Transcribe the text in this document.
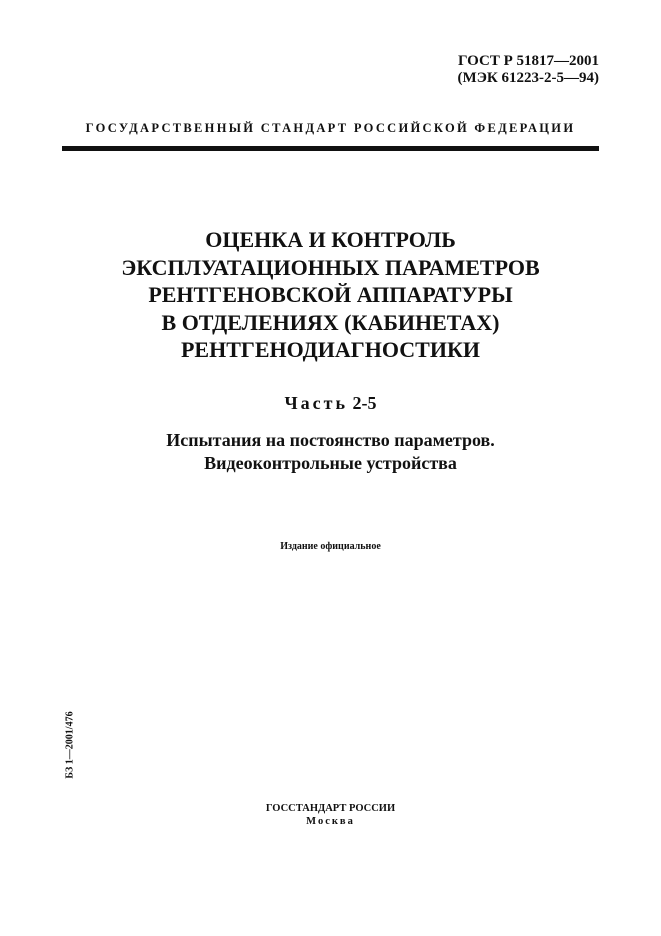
ГОСТ Р 51817—2001
(МЭК 61223-2-5—94)
ГОСУДАРСТВЕННЫЙ СТАНДАРТ РОССИЙСКОЙ ФЕДЕРАЦИИ
ОЦЕНКА И КОНТРОЛЬ
ЭКСПЛУАТАЦИОННЫХ ПАРАМЕТРОВ
РЕНТГЕНОВСКОЙ АППАРАТУРЫ
В ОТДЕЛЕНИЯХ (КАБИНЕТАХ)
РЕНТГЕНОДИАГНОСТИКИ
Часть 2-5
Испытания на постоянство параметров.
Видеоконтрольные устройства
Издание официальное
БЗ 1—2001/476
ГОССТАНДАРТ РОССИИ
Москва
